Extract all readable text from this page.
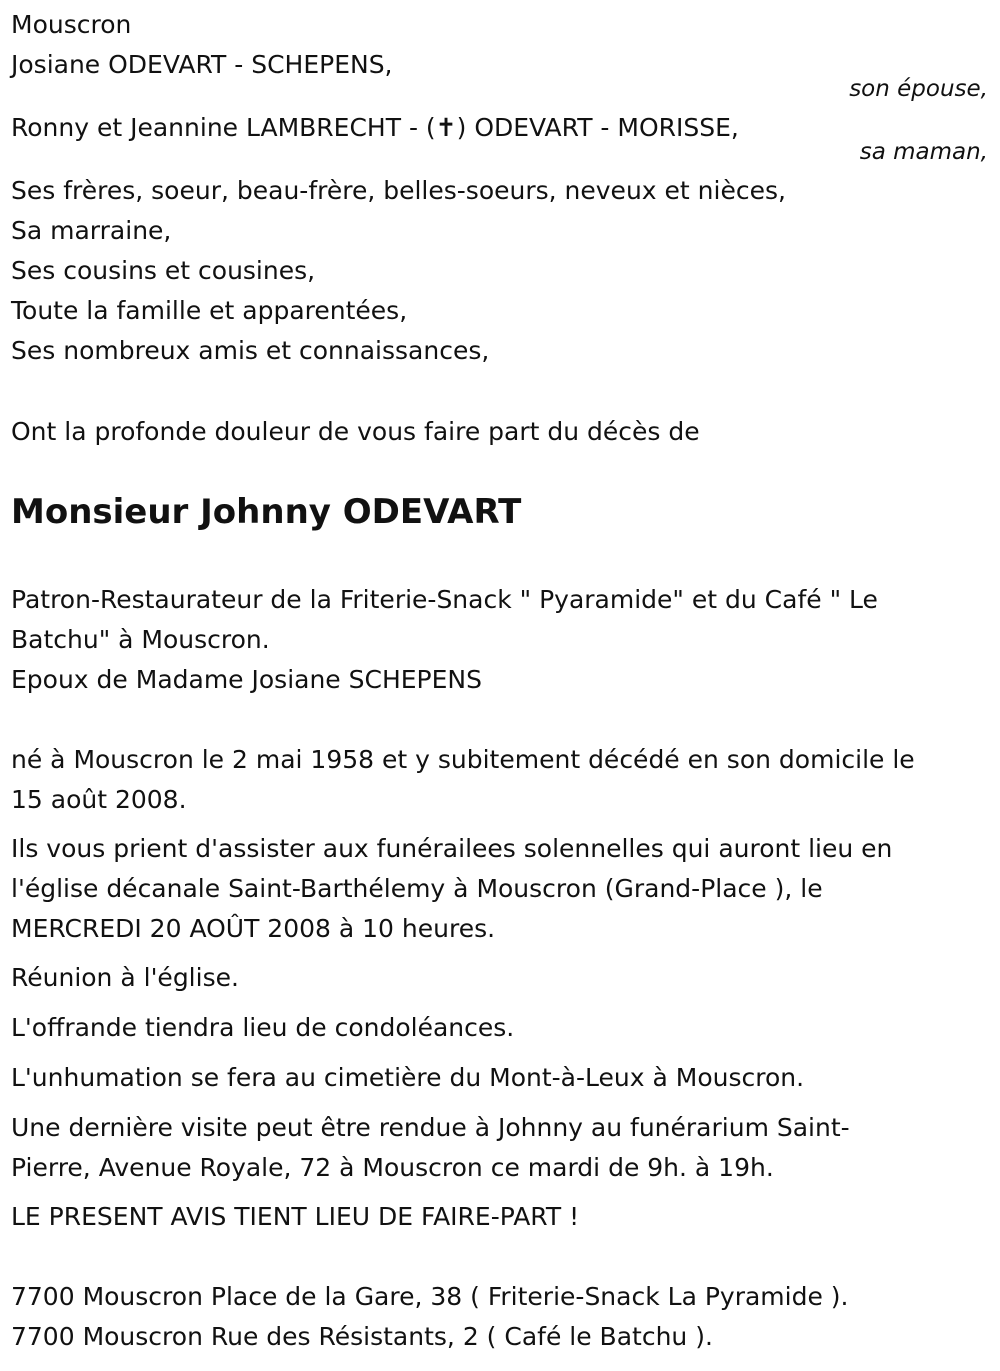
Mouscron

Josiane ODEVART - SCHEPENS,

son épouse,

Ronny et Jeannine LAMBRECHT - (✝) ODEVART - MORISSE,

sa maman,

Ses frères, soeur, beau-frère, belles-soeurs, neveux et nièces,

Sa marraine,

Ses cousins et cousines,

Toute la famille et apparentées,

Ses nombreux amis et connaissances,

Ont la profonde douleur de vous faire part du décès de

Monsieur Johnny ODEVART

Patron-Restaurateur de la Friterie-Snack " Pyaramide" et du Café " Le

Batchu" à Mouscron.

Epoux de Madame Josiane SCHEPENS

né à Mouscron le 2 mai 1958 et y subitement décédé en son domicile le

15 août 2008.

Ils vous prient d'assister aux funérailees solennelles qui auront lieu en

l'église décanale Saint-Barthélemy à Mouscron (Grand-Place ), le

MERCREDI 20 AOÛT 2008 à 10 heures.

Réunion à l'église.

L'offrande tiendra lieu de condoléances.

L'unhumation se fera au cimetière du Mont-à-Leux à Mouscron.

Une dernière visite peut être rendue à Johnny au funérarium Saint-

Pierre, Avenue Royale, 72 à Mouscron ce mardi de 9h. à 19h.

LE PRESENT AVIS TIENT LIEU DE FAIRE-PART !

7700 Mouscron Place de la Gare, 38 ( Friterie-Snack La Pyramide ).

7700 Mouscron Rue des Résistants, 2 ( Café le Batchu ).
